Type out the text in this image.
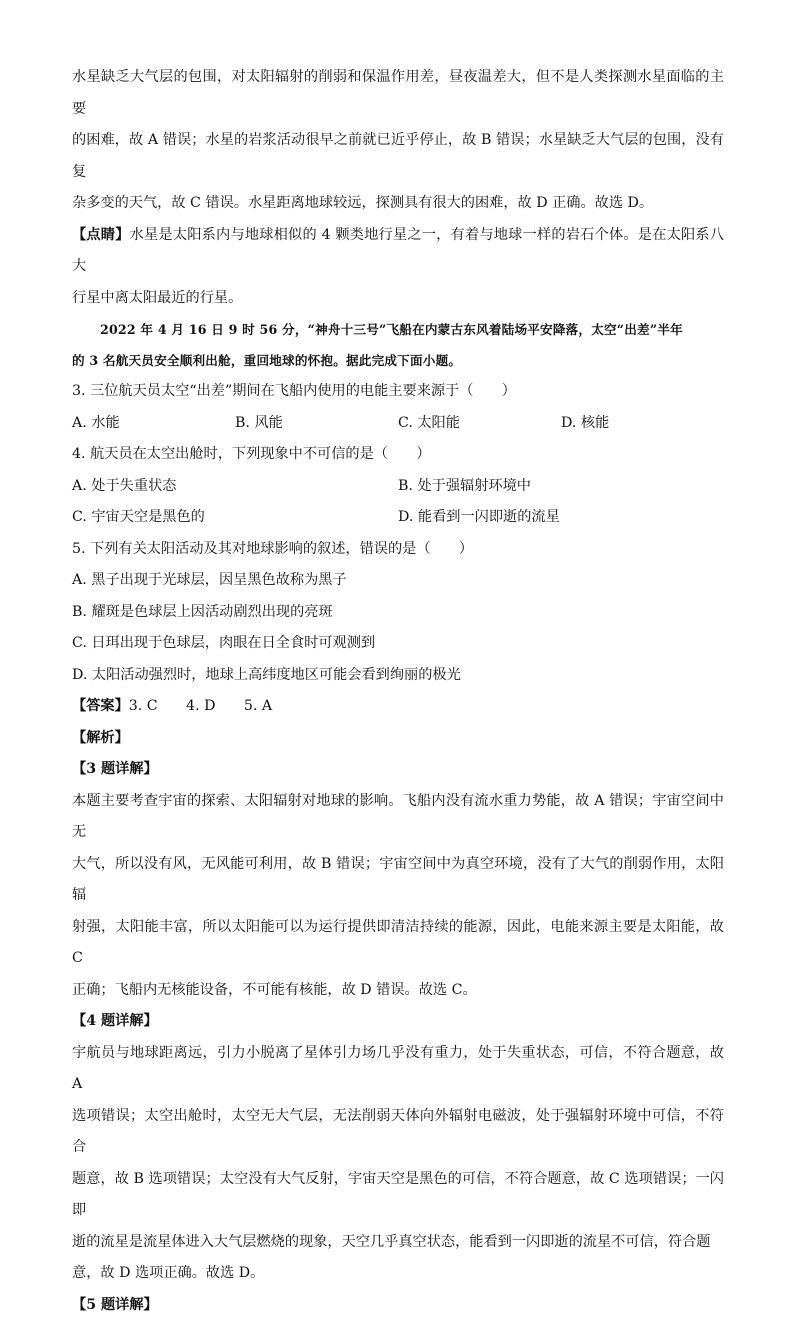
水星缺乏大气层的包围，对太阳辐射的削弱和保温作用差，昼夜温差大，但不是人类探测水星面临的主要

的困难，故 A 错误；水星的岩浆活动很早之前就已近乎停止，故 B 错误；水星缺乏大气层的包围，没有复

杂多变的天气，故 C 错误。水星距离地球较远，探测具有很大的困难，故 D 正确。故选 D。

【点睛】水星是太阳系内与地球相似的 4 颗类地行星之一，有着与地球一样的岩石个体。是在太阳系八大

行星中离太阳最近的行星。

2022 年 4 月 16 日 9 时 56 分，“神舟十三号”飞船在内蒙古东风着陆场平安降落，太空“出差”半年

的 3 名航天员安全顺利出舱，重回地球的怀抱。据此完成下面小题。

3. 三位航天员太空“出差”期间在飞船内使用的电能主要来源于（　　）

A. 水能	B. 风能	C. 太阳能	D. 核能

4. 航天员在太空出舱时，下列现象中不可信的是（　　）

A. 处于失重状态	B. 处于强辐射环境中
C. 宇宙天空是黑色的	D. 能看到一闪即逝的流星

5. 下列有关太阳活动及其对地球影响的叙述，错误的是（　　）

A. 黑子出现于光球层，因呈黑色故称为黑子

B. 耀斑是色球层上因活动剧烈出现的亮斑

C. 日珥出现于色球层，肉眼在日全食时可观测到

D. 太阳活动强烈时，地球上高纬度地区可能会看到绚丽的极光

【答案】3. C　　4. D　　5. A

【解析】

【3 题详解】

本题主要考查宇宙的探索、太阳辐射对地球的影响。飞船内没有流水重力势能，故 A 错误；宇宙空间中无

大气，所以没有风，无风能可利用，故 B 错误；宇宙空间中为真空环境，没有了大气的削弱作用，太阳辐

射强，太阳能丰富，所以太阳能可以为运行提供即清洁持续的能源，因此，电能来源主要是太阳能，故 C

正确；飞船内无核能设备，不可能有核能，故 D 错误。故选 C。

【4 题详解】

宇航员与地球距离远，引力小脱离了星体引力场几乎没有重力，处于失重状态，可信，不符合题意，故 A

选项错误；太空出舱时，太空无大气层，无法削弱天体向外辐射电磁波，处于强辐射环境中可信，不符合

题意，故 B 选项错误；太空没有大气反射，宇宙天空是黑色的可信，不符合题意，故 C 选项错误；一闪即

逝的流星是流星体进入大气层燃烧的现象，天空几乎真空状态，能看到一闪即逝的流星不可信，符合题

意，故 D 选项正确。故选 D。

【5 题详解】
